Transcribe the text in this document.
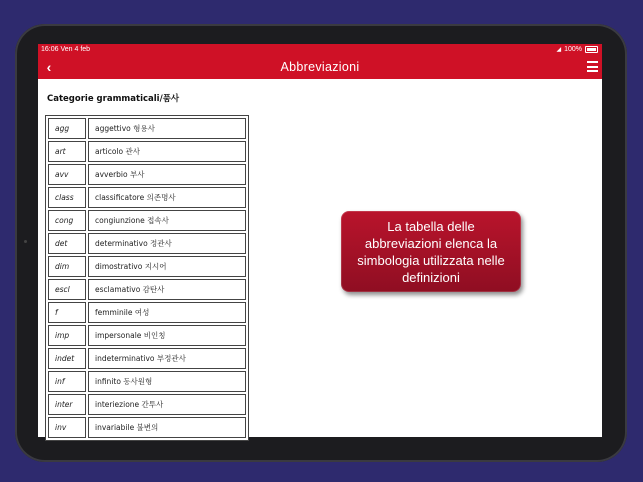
16:06 Ven 4 feb	◢ 100%
‹	Abbreviazioni
Categorie grammaticali/품사
agg	aggettivo 형용사
art	articolo 관사
avv	avverbio 부사
class	classificatore 의존명사
cong	congiunzione 접속사
det	determinativo 정관사
dim	dimostrativo 지시어
escl	esclamativo 감탄사
f	femminile 여성
imp	impersonale 비인칭
indet	indeterminativo 부정관사
inf	infinito 동사원형
inter	interiezione 간투사
inv	invariabile 불변의
La tabella delle abbreviazioni elenca la simbologia utilizzata nelle definizioni
